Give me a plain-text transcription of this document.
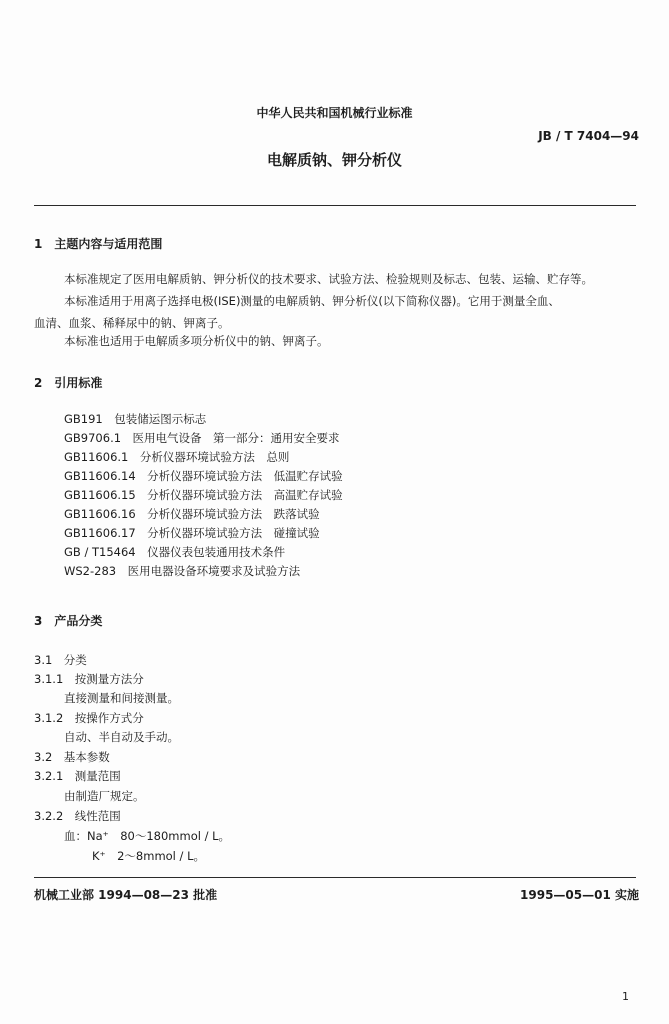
中华人民共和国机械行业标准
JB / T 7404—94
电解质钠、钾分析仪
1　主题内容与适用范围
本标准规定了医用电解质钠、钾分析仪的技术要求、试验方法、检验规则及标志、包装、运输、贮存等。
本标准适用于用离子选择电极(ISE)测量的电解质钠、钾分析仪(以下简称仪器)。它用于测量全血、
血清、血浆、稀释尿中的钠、钾离子。
本标准也适用于电解质多项分析仪中的钠、钾离子。
2　引用标准
GB191　包装储运图示标志
GB9706.1　医用电气设备　第一部分：通用安全要求
GB11606.1　分析仪器环境试验方法　总则
GB11606.14　分析仪器环境试验方法　低温贮存试验
GB11606.15　分析仪器环境试验方法　高温贮存试验
GB11606.16　分析仪器环境试验方法　跌落试验
GB11606.17　分析仪器环境试验方法　碰撞试验
GB / T15464　仪器仪表包装通用技术条件
WS2-283　医用电器设备环境要求及试验方法
3　产品分类
3.1　分类
3.1.1　按测量方法分
直接测量和间接测量。
3.1.2　按操作方式分
自动、半自动及手动。
3.2　基本参数
3.2.1　测量范围
由制造厂规定。
3.2.2　线性范围
血：Na⁺　80～180mmol / L。
K⁺　2～8mmol / L。
机械工业部 1994—08—23 批准	1995—05—01 实施
1
